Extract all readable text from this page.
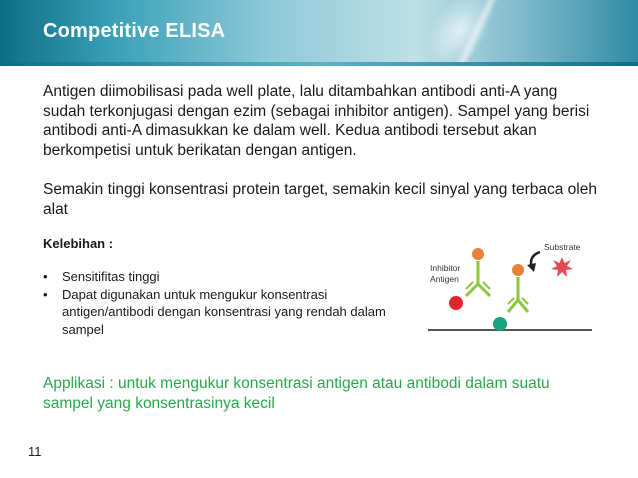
Competitive ELISA

Antigen diimobilisasi pada well plate, lalu ditambahkan antibodi anti-A yang sudah terkonjugasi dengan ezim (sebagai inhibitor antigen). Sampel yang berisi antibodi anti-A dimasukkan ke dalam well. Kedua antibodi tersebut akan berkompetisi untuk berikatan dengan antigen.

Semakin tinggi konsentrasi protein target, semakin kecil sinyal yang terbaca oleh alat

Kelebihan :
• Sensitifitas tinggi
• Dapat digunakan untuk mengukur konsentrasi antigen/antibodi dengan konsentrasi yang rendah dalam sampel
Inhibitor
Antigen
Substrate
Applikasi : untuk mengukur konsentrasi antigen atau antibodi dalam suatu sampel yang konsentrasinya kecil
11
